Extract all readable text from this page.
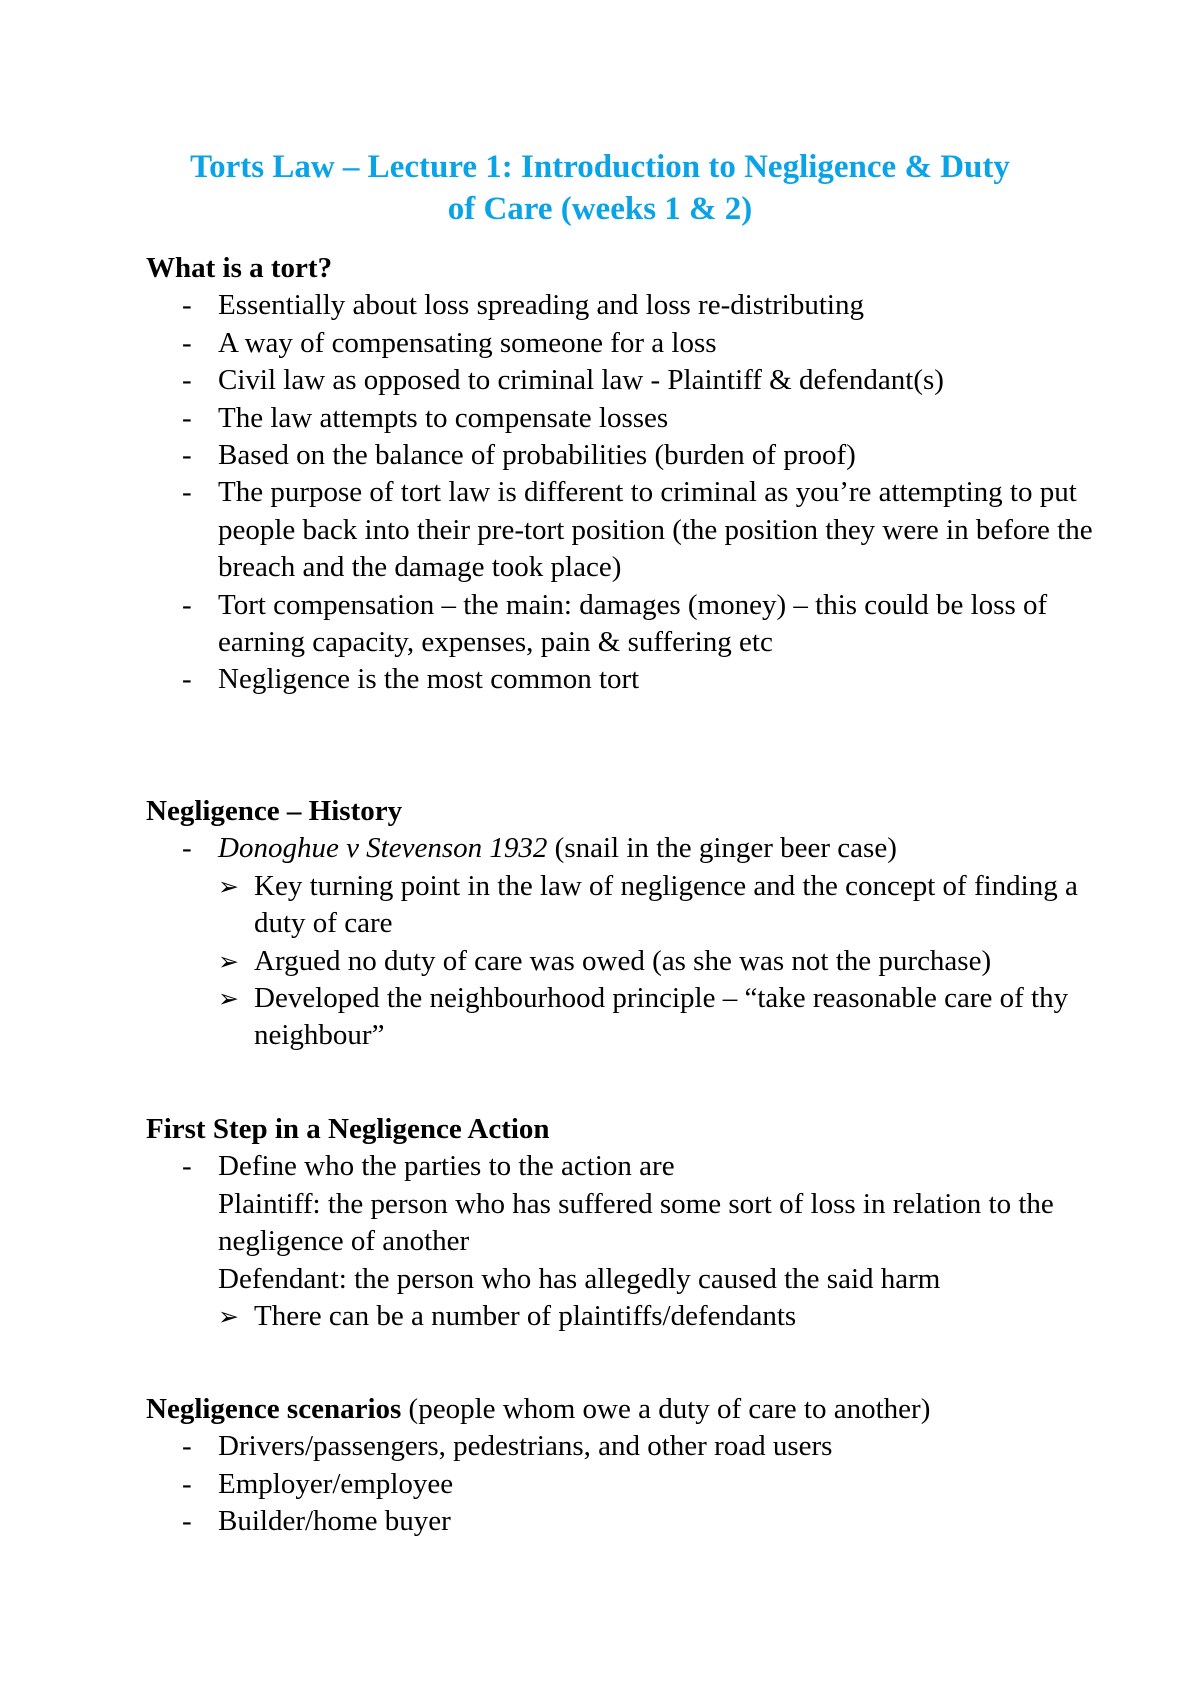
Torts Law – Lecture 1: Introduction to Negligence & Duty
of Care (weeks 1 & 2)

What is a tort?

- Essentially about loss spreading and loss re-distributing
- A way of compensating someone for a loss
- Civil law as opposed to criminal law - Plaintiff & defendant(s)
- The law attempts to compensate losses
- Based on the balance of probabilities (burden of proof)
- The purpose of tort law is different to criminal as you’re attempting to put people back into their pre-tort position (the position they were in before the breach and the damage took place)
- Tort compensation – the main: damages (money) – this could be loss of earning capacity, expenses, pain & suffering etc
- Negligence is the most common tort

Negligence – History

- Donoghue v Stevenson 1932 (snail in the ginger beer case)
➢ Key turning point in the law of negligence and the concept of finding a duty of care
➢ Argued no duty of care was owed (as she was not the purchase)
➢ Developed the neighbourhood principle – “take reasonable care of thy neighbour”

First Step in a Negligence Action

- Define who the parties to the action are

Plaintiff: the person who has suffered some sort of loss in relation to the negligence of another

Defendant: the person who has allegedly caused the said harm

➢ There can be a number of plaintiffs/defendants

Negligence scenarios (people whom owe a duty of care to another)

- Drivers/passengers, pedestrians, and other road users
- Employer/employee
- Builder/home buyer
